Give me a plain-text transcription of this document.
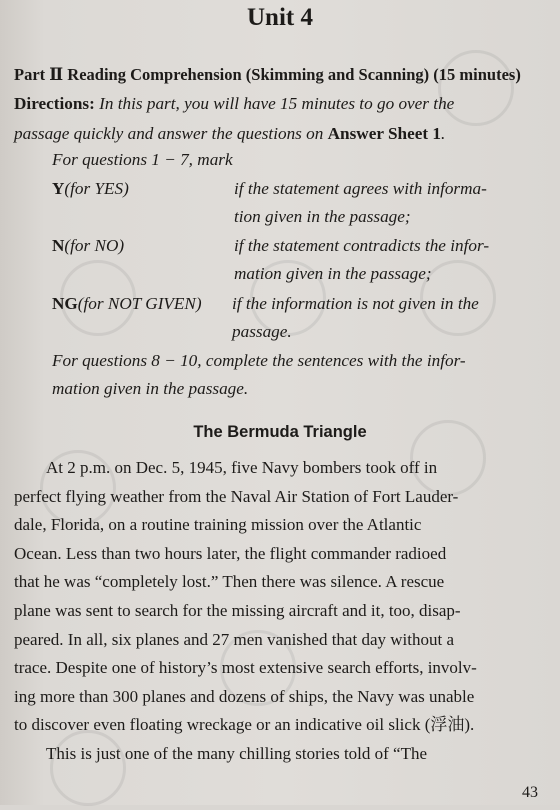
Unit 4
Part Ⅱ Reading Comprehension (Skimming and Scanning) (15 minutes)
Directions: In this part, you will have 15 minutes to go over the
passage quickly and answer the questions on Answer Sheet 1.
For questions 1 − 7, mark
Y(for YES)	if the statement agrees with informa-
tion given in the passage;
N(for NO)	if the statement contradicts the infor-
mation given in the passage;
NG(for NOT GIVEN) if the information is not given in the
passage.
For questions 8 − 10, complete the sentences with the infor-
mation given in the passage.
The Bermuda Triangle
At 2 p.m. on Dec. 5, 1945, five Navy bombers took off in
perfect flying weather from the Naval Air Station of Fort Lauder-
dale, Florida, on a routine training mission over the Atlantic
Ocean. Less than two hours later, the flight commander radioed
that he was “completely lost.” Then there was silence. A rescue
plane was sent to search for the missing aircraft and it, too, disap-
peared. In all, six planes and 27 men vanished that day without a
trace. Despite one of history’s most extensive search efforts, involv-
ing more than 300 planes and dozens of ships, the Navy was unable
to discover even floating wreckage or an indicative oil slick (浮油).
This is just one of the many chilling stories told of “The
43
